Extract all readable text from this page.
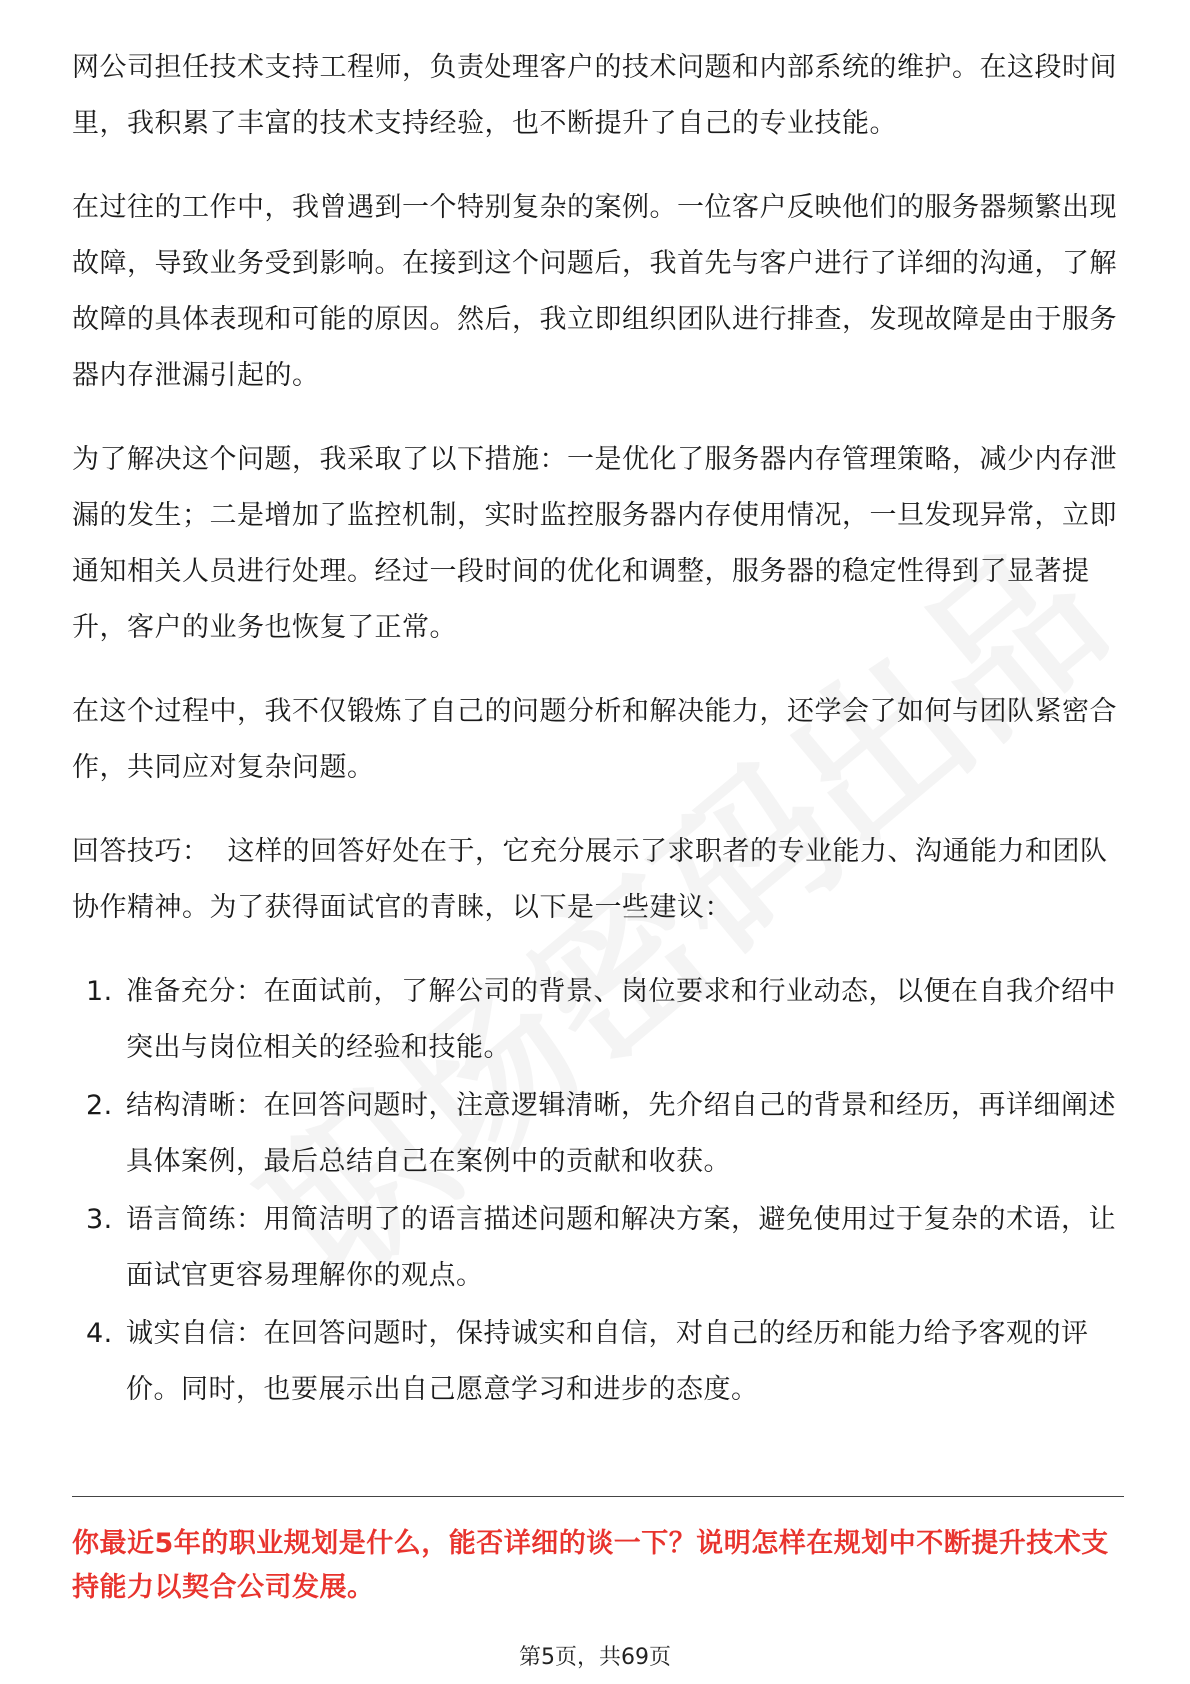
网公司担任技术支持工程师，负责处理客户的技术问题和内部系统的维护。在这段时间里，我积累了丰富的技术支持经验，也不断提升了自己的专业技能。

在过往的工作中，我曾遇到一个特别复杂的案例。一位客户反映他们的服务器频繁出现故障，导致业务受到影响。在接到这个问题后，我首先与客户进行了详细的沟通，了解故障的具体表现和可能的原因。然后，我立即组织团队进行排查，发现故障是由于服务器内存泄漏引起的。

为了解决这个问题，我采取了以下措施：一是优化了服务器内存管理策略，减少内存泄漏的发生；二是增加了监控机制，实时监控服务器内存使用情况，一旦发现异常，立即通知相关人员进行处理。经过一段时间的优化和调整，服务器的稳定性得到了显著提升，客户的业务也恢复了正常。

在这个过程中，我不仅锻炼了自己的问题分析和解决能力，还学会了如何与团队紧密合作，共同应对复杂问题。

回答技巧： 这样的回答好处在于，它充分展示了求职者的专业能力、沟通能力和团队协作精神。为了获得面试官的青睐，以下是一些建议：

1. 准备充分：在面试前，了解公司的背景、岗位要求和行业动态，以便在自我介绍中突出与岗位相关的经验和技能。
2. 结构清晰：在回答问题时，注意逻辑清晰，先介绍自己的背景和经历，再详细阐述具体案例，最后总结自己在案例中的贡献和收获。
3. 语言简练：用简洁明了的语言描述问题和解决方案，避免使用过于复杂的术语，让面试官更容易理解你的观点。
4. 诚实自信：在回答问题时，保持诚实和自信，对自己的经历和能力给予客观的评价。同时，也要展示出自己愿意学习和进步的态度。
你最近5年的职业规划是什么，能否详细的谈一下？说明怎样在规划中不断提升技术支持能力以契合公司发展。
第5页，共69页
